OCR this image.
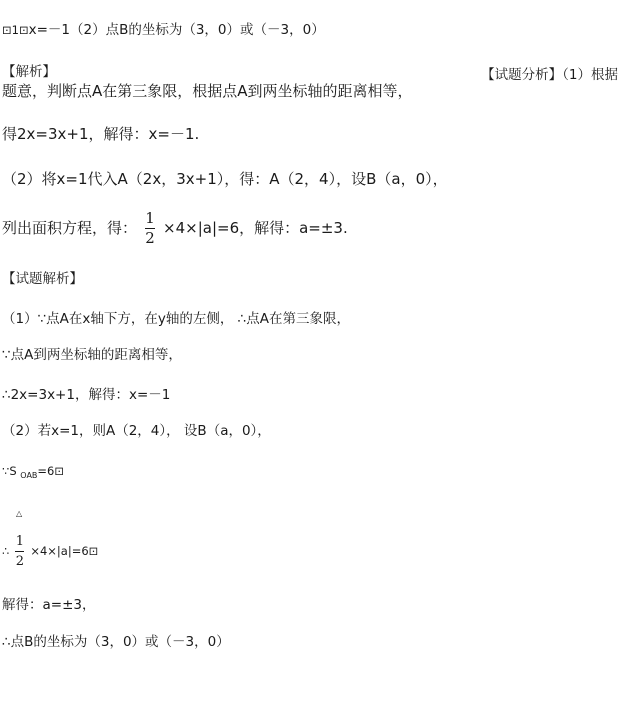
⊡1⊡x=－1（2）点B的坐标为（3，0）或（－3，0）
【解析】	【试题分析】（1）根据
题意，判断点A在第三象限，根据点A到两坐标轴的距离相等，
得2x=3x+1，解得：x=－1.
（2）将x=1代入A（2x，3x+1），得：A（2，4），设B（a，0），
列出面积方程，得： $\frac{1}{2} \times 4\times|a|=6$，解得：a=±3.
【试题解析】
（1）∵点A在x轴下方，在y轴的左侧， ∴点A在第三象限，
∵点A到两坐标轴的距离相等，
∴2x=3x+1，解得：x=－1
（2）若x=1，则A（2，4）， 设B（a，0），
∵S $_{OAB}$=6⊡
△
∴ $\frac{1}{2}$ ×4×|a|=6⊡
解得：a=±3，
∴点B的坐标为（3，0）或（－3，0）
